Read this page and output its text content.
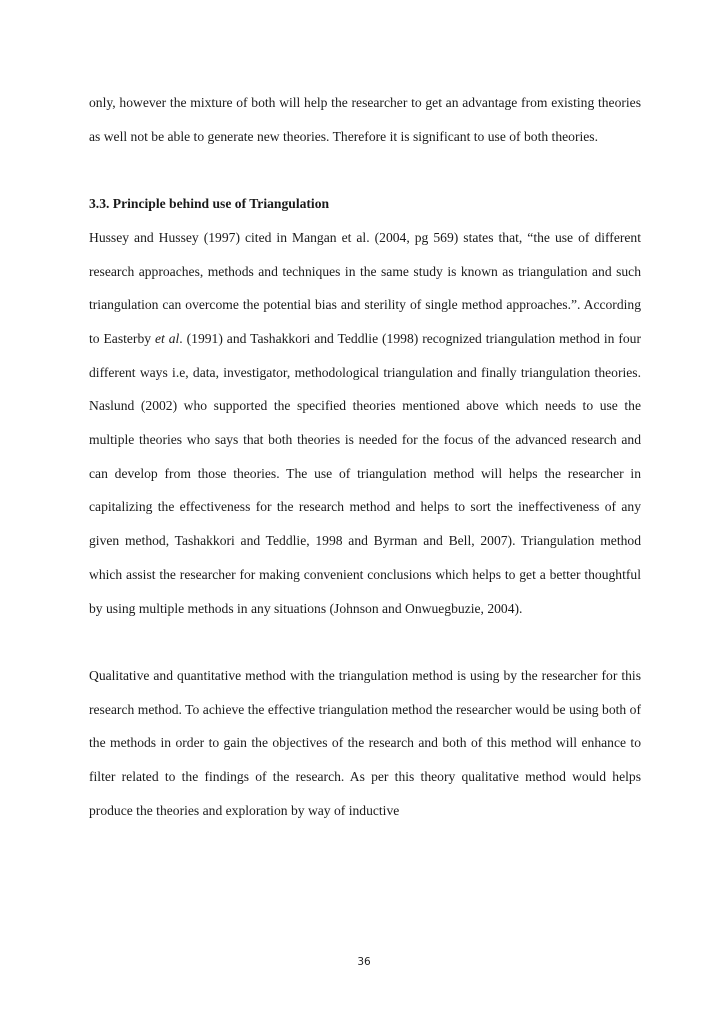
only, however the mixture of both will help the researcher to get an advantage from existing theories as well not be able to generate new theories. Therefore it is significant to use of both theories.

3.3. Principle behind use of Triangulation

Hussey and Hussey (1997) cited in Mangan et al. (2004, pg 569) states that, “the use of different research approaches, methods and techniques in the same study is known as triangulation and such triangulation can overcome the potential bias and sterility of single method approaches.”. According to Easterby et al. (1991) and Tashakkori and Teddlie (1998) recognized triangulation method in four different ways i.e, data, investigator, methodological triangulation and finally triangulation theories. Naslund (2002) who supported the specified theories mentioned above which needs to use the multiple theories who says that both theories is needed for the focus of the advanced research and can develop from those theories. The use of triangulation method will helps the researcher in capitalizing the effectiveness for the research method and helps to sort the ineffectiveness of any given method, Tashakkori and Teddlie, 1998 and Byrman and Bell, 2007). Triangulation method which assist the researcher for making convenient conclusions which helps to get a better thoughtful by using multiple methods in any situations (Johnson and Onwuegbuzie, 2004).

Qualitative and quantitative method with the triangulation method is using by the researcher for this research method. To achieve the effective triangulation method the researcher would be using both of the methods in order to gain the objectives of the research and both of this method will enhance to filter related to the findings of the research. As per this theory qualitative method would helps produce the theories and exploration by way of inductive

36
